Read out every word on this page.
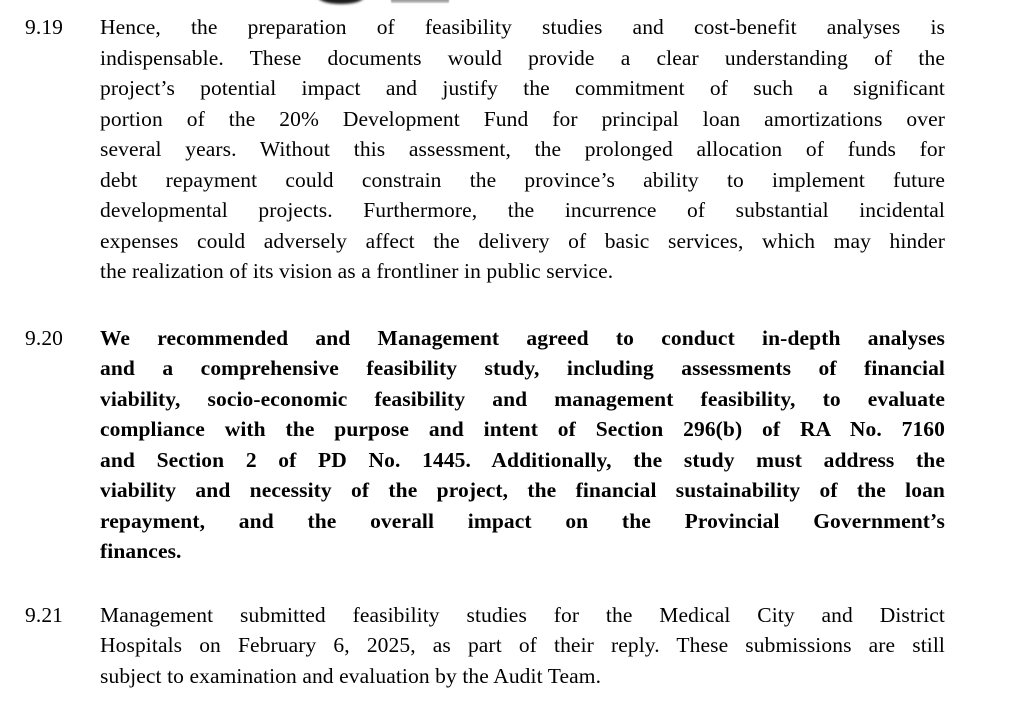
9.19 Hence, the preparation of feasibility studies and cost-benefit analyses is
indispensable. These documents would provide a clear understanding of the
project’s potential impact and justify the commitment of such a significant
portion of the 20% Development Fund for principal loan amortizations over
several years. Without this assessment, the prolonged allocation of funds for
debt repayment could constrain the province’s ability to implement future
developmental projects. Furthermore, the incurrence of substantial incidental
expenses could adversely affect the delivery of basic services, which may hinder
the realization of its vision as a frontliner in public service.
9.20 We recommended and Management agreed to conduct in-depth analyses
and a comprehensive feasibility study, including assessments of financial
viability, socio-economic feasibility and management feasibility, to evaluate
compliance with the purpose and intent of Section 296(b) of RA No. 7160
and Section 2 of PD No. 1445. Additionally, the study must address the
viability and necessity of the project, the financial sustainability of the loan
repayment, and the overall impact on the Provincial Government’s
finances.
9.21 Management submitted feasibility studies for the Medical City and District
Hospitals on February 6, 2025, as part of their reply. These submissions are still
subject to examination and evaluation by the Audit Team.
